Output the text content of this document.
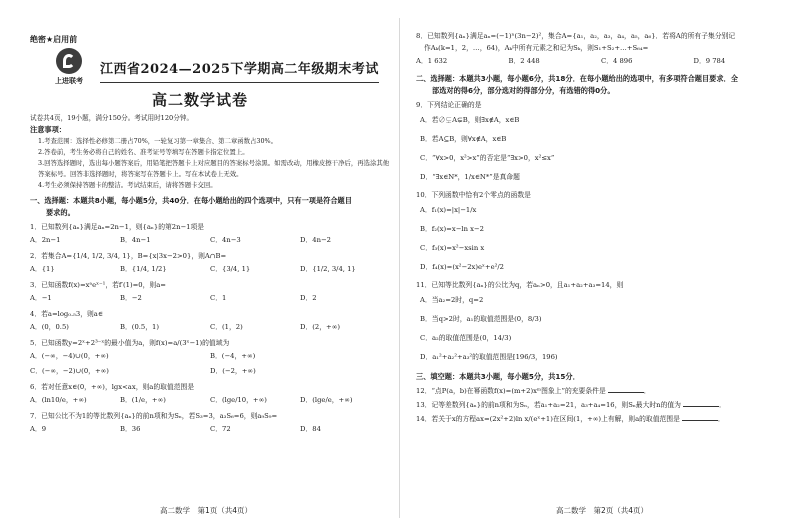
绝密★启用前
上进联考
江西省2024—2025下学期高二年级期末考试
高二数学试卷
试卷共4页，19小题，满分150分。考试用时120分钟。
注意事项：
1.考查范围：选择性必修第二册占70%，一轮复习第一章集合、第二章函数占30%。
2.答卷前，考生务必将自己的姓名、准考证号等填写在答题卡指定位置上。
3.回答选择题时，选出每小题答案后，用铅笔把答题卡上对应题目的答案标号涂黑。如需改动，用橡皮擦干净后，再选涂其他答案标号。回答非选择题时，将答案写在答题卡上。写在本试卷上无效。
4.考生必须保持答题卡的整洁。考试结束后，请将答题卡交回。
一、选择题：本题共8小题，每小题5分，共40分．在每小题给出的四个选项中，只有一项是符合题目
要求的。
1．已知数列{aₙ}满足aₙ=2n−1，则{aₙ}的第2n−1项是
A．2n−1	B．4n−1	C．4n−3	D．4n−2
2．若集合A={1/4, 1/2, 3/4, 1}，B={x|3x−2>0}，则A∩B=
A．{1}	B．{1/4, 1/2}	C．{3/4, 1}	D．{1/2, 3/4, 1}
3．已知函数f(x)=xᵃeˣ⁻¹，若f′(1)=0，则a=
A．−1	B．−2	C．1	D．2
4．若a=log₀.₅3，则a∈
A．(0，0.5)	B．(0.5，1)	C．(1，2)	D．(2，+∞)
5．已知函数y=2ˣ+2³⁻ˣ的最小值为a，则f(x)=a/(3ˣ−1)的值域为
A．(−∞，−4)∪(0，+∞)	B．(−4，+∞)
C．(−∞，−2)∪(0，+∞)	D．(−2，+∞)
6．若对任意x∈(0，+∞)，lgx<ax，则a的取值范围是
A．(ln10/e，+∞)	B．(1/e，+∞)	C．(lge/10，+∞)	D．(lge/e，+∞)
7．已知公比不为1的等比数列{aₙ}的前n项和为Sₙ，若S₃=3，a₃S₆=6，则a₉S₉=
A．9	B．36	C．72	D．84
高二数学　第1页（共4页）
8．已知数列{aₙ}满足aₙ=(−1)ⁿ(3n−2)²，集合A={a₁，a₂，a₃，a₄，a₅，a₆}．若将A的所有子集分别记
作Aₖ(k=1，2，…，64)，Aₖ中所有元素之和记为Sₖ，则S₁+S₂+…+S₆₄=
A．1 632	B．2 448	C．4 896	D．9 784
二、选择题：本题共3小题，每小题6分，共18分．在每小题给出的选项中，有多项符合题目要求．全
部选对的得6分，部分选对的得部分分，有选错的得0分。
9．下列结论正确的是
A．若∅⊊A⊊B，则∃x∉A，x∈B
B．若A⊆B，则∀x∉A，x∈B
C．“∀x>0，x²>x”的否定是“∃x>0，x²≤x”
D．“∃x∈N*，1/x∈N*”是真命题
10．下列函数中恰有2个零点的函数是
A．f₁(x)=|x|−1/x
B．f₂(x)=x−ln x−2
C．f₃(x)=x²−xsin x
D．f₄(x)=(x²−2x)eˣ+e²/2
11．已知等比数列{aₙ}的公比为q，若aₙ>0，且a₁+a₂+a₃=14，则
A．当a₂=2时，q=2
B．当q>2时，a₁的取值范围是(0，8/3)
C．a₂的取值范围是(0，14/3)
D．a₁²+a₂²+a₃²的取值范围是[196/3，196)
三、填空题：本题共3小题，每小题5分，共15分．
12．“点P(a，b)在幂函数f(x)=(m+2)xᵐ图象上”的充要条件是	．
13．记等差数列{aₙ}的前n项和为Sₙ，若a₁+a₂=21，a₃+a₄=16，则Sₙ最大时n的值为	．
14．若关于x的方程ax=(2x²+2)ln x/(eˣ+1)在区间(1，+∞)上有解，则a的取值范围是	．
高二数学　第2页（共4页）
